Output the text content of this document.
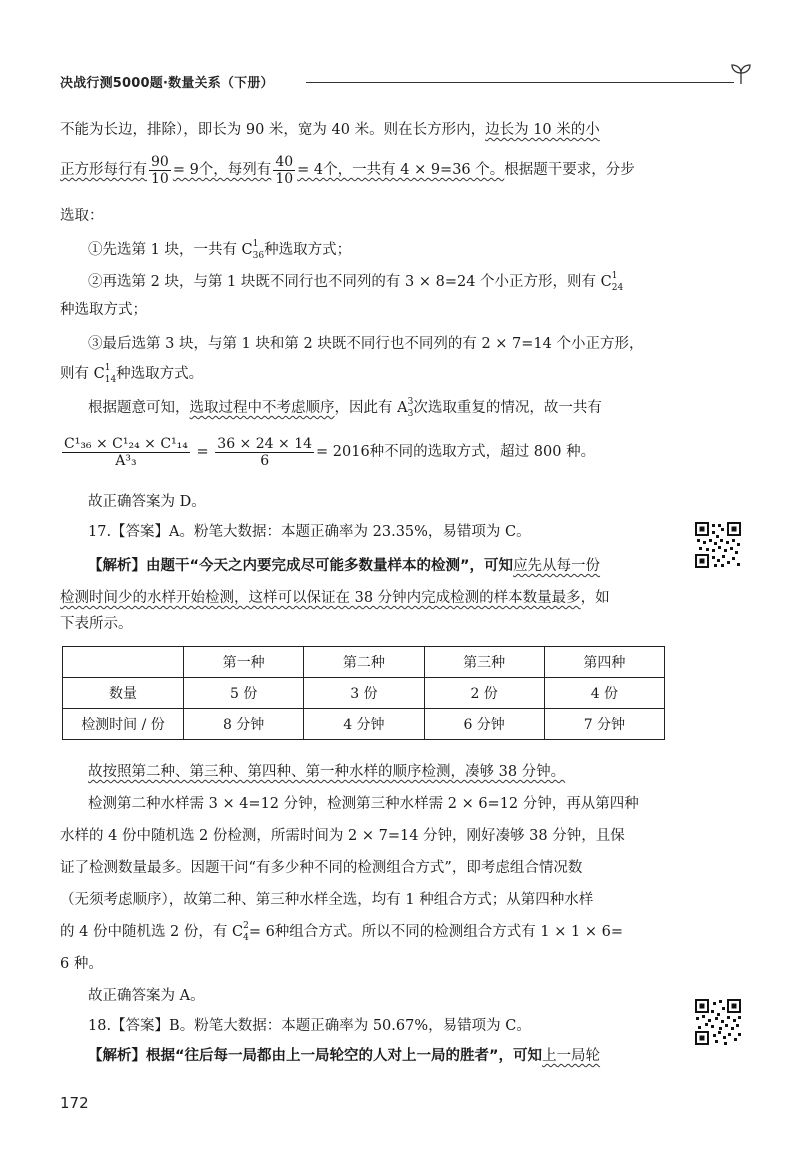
决战行测5000题·数量关系（下册）
不能为长边，排除），即长为 90 米，宽为 40 米。则在长方形内，边长为 10 米的小
正方形每行有 $\frac{90}{10} = 9$个，每列有 $\frac{40}{10} = 4$个，一共有 4 × 9=36 个。根据题干要求，分步
选取：
①先选第 1 块，一共有 $C_{36}$
1 种选取方式；
②再选第 2 块，与第 1 块既不同行也不同列的有 3 × 8=24 个小正方形，则有 $C_{24}$
1
种选取方式；
③最后选第 3 块，与第 1 块和第 2 块既不同行也不同列的有 2 × 7=14 个小正方形，
则有 $C_{14}$
1 种选取方式。
根据题意可知，选取过程中不考虑顺序，因此有 $A_3$
3 次选取重复的情况，故一共有
$\frac{\text{C¹₃₆ × C¹₂₄ × C¹₁₄}}{\text{A³₃}} = \frac{36 \times 24 \times 14}{6} = 2016$种不同的选取方式，超过 800 种。
故正确答案为 D。
17.【答案】A。粉笔大数据：本题正确率为 23.35%，易错项为 C。
【解析】由题干“今天之内要完成尽可能多数量样本的检测”，可知应先从每一份
检测时间少的水样开始检测，这样可以保证在 38 分钟内完成检测的样本数量最多，如
	第一种	第二种	第三种	第四种
数量	5 份	3 份	2 份	4 份
检测时间 / 份	8 分钟	4 分钟	6 分钟	7 分钟
故按照第二种、第三种、第四种、第一种水样的顺序检测，凑够 38 分钟。
检测第二种水样需 3 × 4=12 分钟，检测第三种水样需 2 × 6=12 分钟，再从第四种
水样的 4 份中随机选 2 份检测，所需时间为 2 × 7=14 分钟，刚好凑够 38 分钟，且保
证了检测数量最多。因题干问“有多少种不同的检测组合方式”，即考虑组合情况数
（无须考虑顺序），故第二种、第三种水样全选，均有 1 种组合方式；从第四种水样
的 4 份中随机选 2 份，有 $C_4$
2 = 6种组合方式。所以不同的检测组合方式有 1 × 1 × 6=
6 种。
故正确答案为 A。
18.【答案】B。粉笔大数据：本题正确率为 50.67%，易错项为 C。
【解析】根据“往后每一局都由上一局轮空的人对上一局的胜者”，可知上一局轮
172
下表所示。
